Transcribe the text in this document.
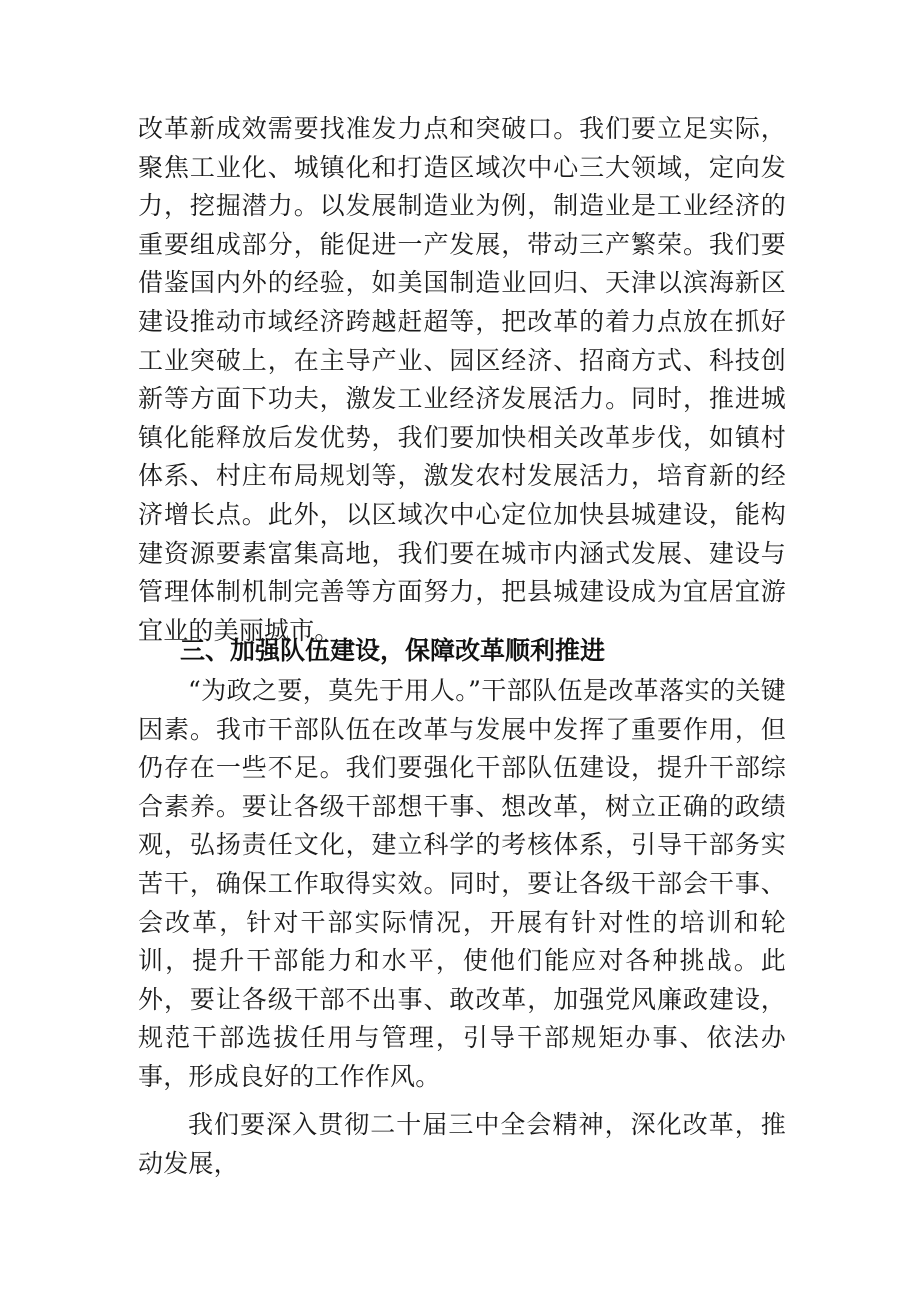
改革新成效需要找准发力点和突破口。我们要立足实际，聚焦工业化、城镇化和打造区域次中心三大领域，定向发力，挖掘潜力。以发展制造业为例，制造业是工业经济的重要组成部分，能促进一产发展，带动三产繁荣。我们要借鉴国内外的经验，如美国制造业回归、天津以滨海新区建设推动市域经济跨越赶超等，把改革的着力点放在抓好工业突破上，在主导产业、园区经济、招商方式、科技创新等方面下功夫，激发工业经济发展活力。同时，推进城镇化能释放后发优势，我们要加快相关改革步伐，如镇村体系、村庄布局规划等，激发农村发展活力，培育新的经济增长点。此外，以区域次中心定位加快县城建设，能构建资源要素富集高地，我们要在城市内涵式发展、建设与管理体制机制完善等方面努力，把县城建设成为宜居宜游宜业的美丽城市。
三、加强队伍建设，保障改革顺利推进
“为政之要，莫先于用人。”干部队伍是改革落实的关键因素。我市干部队伍在改革与发展中发挥了重要作用，但仍存在一些不足。我们要强化干部队伍建设，提升干部综合素养。要让各级干部想干事、想改革，树立正确的政绩观，弘扬责任文化，建立科学的考核体系，引导干部务实苦干，确保工作取得实效。同时，要让各级干部会干事、会改革，针对干部实际情况，开展有针对性的培训和轮训，提升干部能力和水平，使他们能应对各种挑战。此外，要让各级干部不出事、敢改革，加强党风廉政建设，规范干部选拔任用与管理，引导干部规矩办事、依法办事，形成良好的工作作风。
我们要深入贯彻二十届三中全会精神，深化改革，推动发展，
